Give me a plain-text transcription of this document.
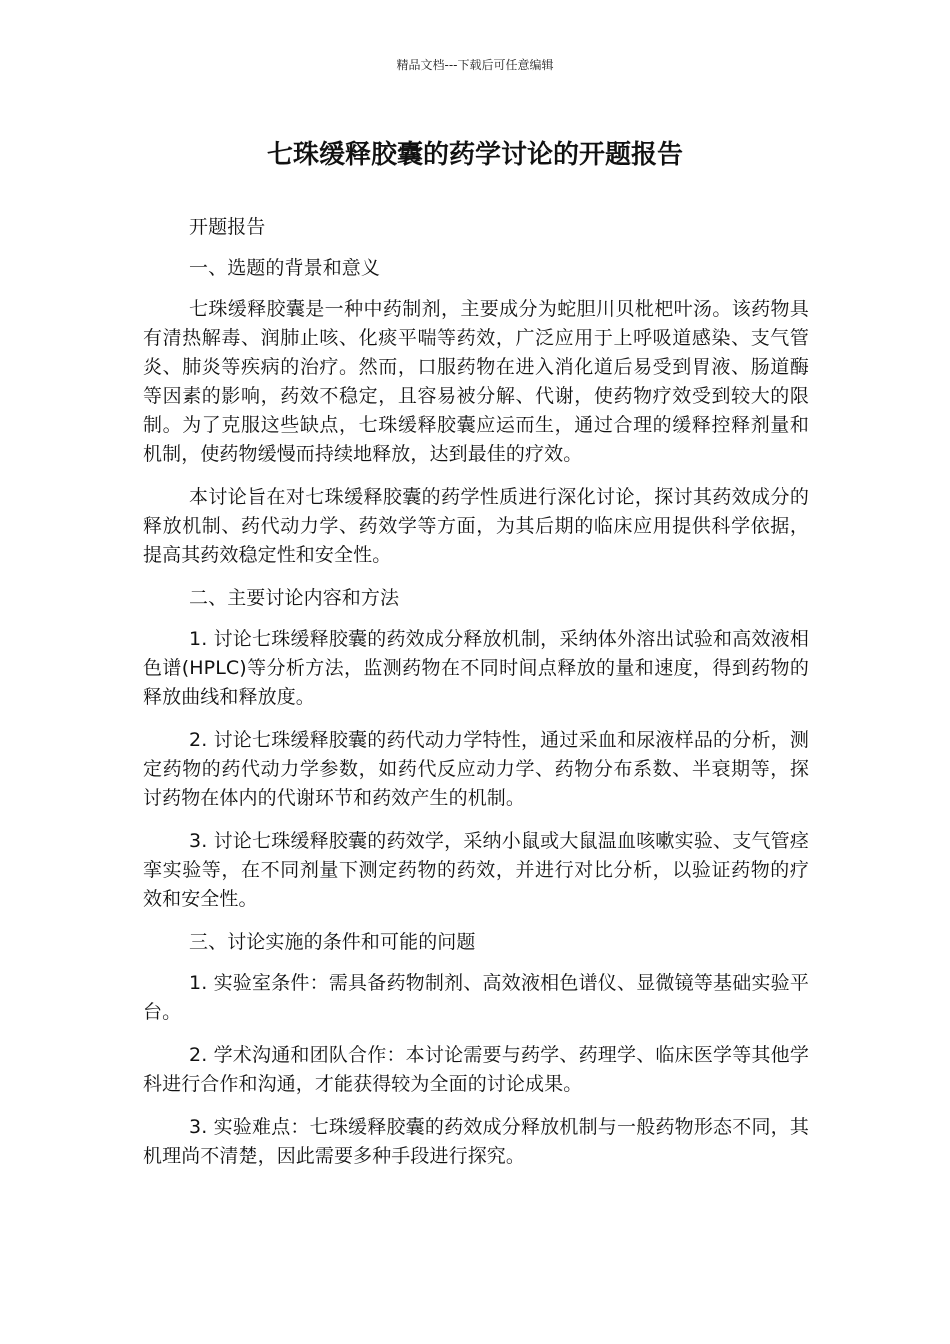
精品文档---下载后可任意编辑
七珠缓释胶囊的药学讨论的开题报告

开题报告

一、选题的背景和意义

七珠缓释胶囊是一种中药制剂，主要成分为蛇胆川贝枇杷叶汤。该药物具有清热解毒、润肺止咳、化痰平喘等药效，广泛应用于上呼吸道感染、支气管炎、肺炎等疾病的治疗。然而，口服药物在进入消化道后易受到胃液、肠道酶等因素的影响，药效不稳定，且容易被分解、代谢，使药物疗效受到较大的限制。为了克服这些缺点，七珠缓释胶囊应运而生，通过合理的缓释控释剂量和机制，使药物缓慢而持续地释放，达到最佳的疗效。

本讨论旨在对七珠缓释胶囊的药学性质进行深化讨论，探讨其药效成分的释放机制、药代动力学、药效学等方面，为其后期的临床应用提供科学依据，提高其药效稳定性和安全性。

二、主要讨论内容和方法

1. 讨论七珠缓释胶囊的药效成分释放机制，采纳体外溶出试验和高效液相色谱(HPLC)等分析方法，监测药物在不同时间点释放的量和速度，得到药物的释放曲线和释放度。

2. 讨论七珠缓释胶囊的药代动力学特性，通过采血和尿液样品的分析，测定药物的药代动力学参数，如药代反应动力学、药物分布系数、半衰期等，探讨药物在体内的代谢环节和药效产生的机制。

3. 讨论七珠缓释胶囊的药效学，采纳小鼠或大鼠温血咳嗽实验、支气管痉挛实验等，在不同剂量下测定药物的药效，并进行对比分析，以验证药物的疗效和安全性。

三、讨论实施的条件和可能的问题

1. 实验室条件：需具备药物制剂、高效液相色谱仪、显微镜等基础实验平台。

2. 学术沟通和团队合作：本讨论需要与药学、药理学、临床医学等其他学科进行合作和沟通，才能获得较为全面的讨论成果。

3. 实验难点：七珠缓释胶囊的药效成分释放机制与一般药物形态不同，其机理尚不清楚，因此需要多种手段进行探究。
